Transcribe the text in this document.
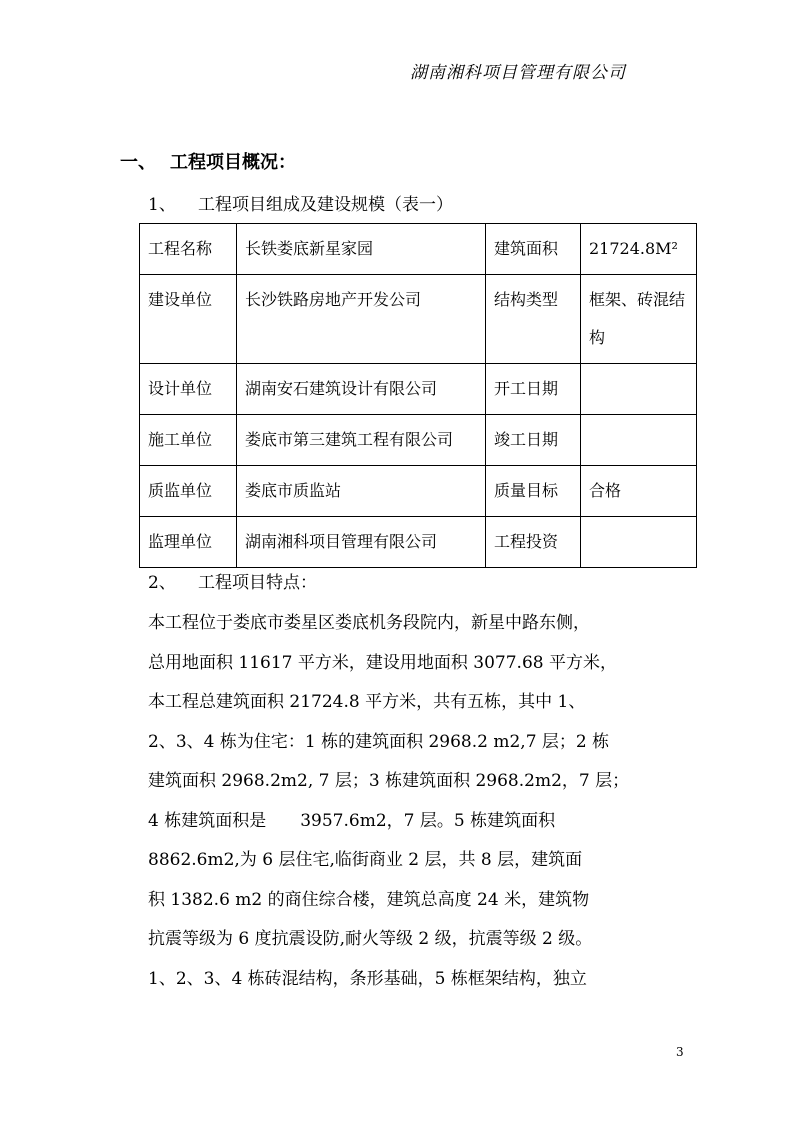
湖南湘科项目管理有限公司
一、 工程项目概况：
1、 工程项目组成及建设规模（表一）
工程名称	长铁娄底新星家园	建筑面积	21724.8M²
建设单位	长沙铁路房地产开发公司	结构类型	框架、砖混结构
设计单位	湖南安石建筑设计有限公司	开工日期	
施工单位	娄底市第三建筑工程有限公司	竣工日期	
质监单位	娄底市质监站	质量目标	合格
监理单位	湖南湘科项目管理有限公司	工程投资	
2、 工程项目特点：
本工程位于娄底市娄星区娄底机务段院内，新星中路东侧，
总用地面积 11617 平方米，建设用地面积 3077.68 平方米，
本工程总建筑面积 21724.8 平方米，共有五栋，其中 1、
2、3、4 栋为住宅：1 栋的建筑面积 2968.2 m2,7 层；2 栋
建筑面积 2968.2m2, 7 层；3 栋建筑面积 2968.2m2，7 层；
4 栋建筑面积是　　3957.6m2，7 层。5 栋建筑面积
8862.6m2,为 6 层住宅,临街商业 2 层，共 8 层，建筑面
积 1382.6 m2 的商住综合楼，建筑总高度 24 米，建筑物
抗震等级为 6 度抗震设防,耐火等级 2 级，抗震等级 2 级。
1、2、3、4 栋砖混结构，条形基础，5 栋框架结构，独立
3
